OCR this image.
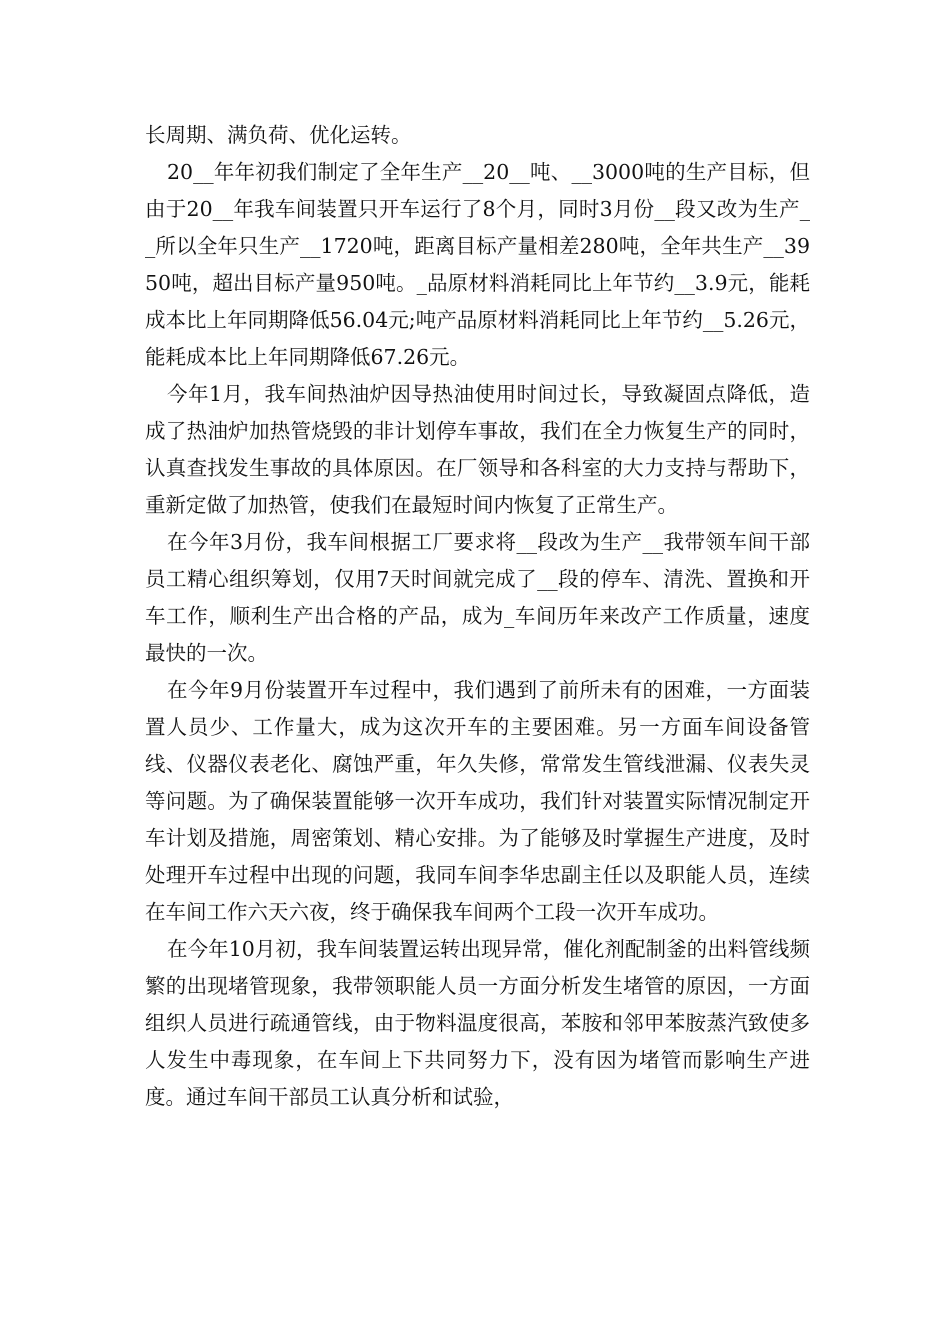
长周期、满负荷、优化运转。

20__年年初我们制定了全年生产__20__吨、__3000吨的生产目标，但由于20__年我车间装置只开车运行了8个月，同时3月份__段又改为生产__所以全年只生产__1720吨，距离目标产量相差280吨，全年共生产__3950吨，超出目标产量950吨。_品原材料消耗同比上年节约__3.9元，能耗成本比上年同期降低56.04元;吨产品原材料消耗同比上年节约__5.26元，能耗成本比上年同期降低67.26元。

今年1月，我车间热油炉因导热油使用时间过长，导致凝固点降低，造成了热油炉加热管烧毁的非计划停车事故，我们在全力恢复生产的同时，认真查找发生事故的具体原因。在厂领导和各科室的大力支持与帮助下，重新定做了加热管，使我们在最短时间内恢复了正常生产。

在今年3月份，我车间根据工厂要求将__段改为生产__我带领车间干部员工精心组织筹划，仅用7天时间就完成了__段的停车、清洗、置换和开车工作，顺利生产出合格的产品，成为_车间历年来改产工作质量，速度最快的一次。

在今年9月份装置开车过程中，我们遇到了前所未有的困难，一方面装置人员少、工作量大，成为这次开车的主要困难。另一方面车间设备管线、仪器仪表老化、腐蚀严重，年久失修，常常发生管线泄漏、仪表失灵等问题。为了确保装置能够一次开车成功，我们针对装置实际情况制定开车计划及措施，周密策划、精心安排。为了能够及时掌握生产进度，及时处理开车过程中出现的问题，我同车间李华忠副主任以及职能人员，连续在车间工作六天六夜，终于确保我车间两个工段一次开车成功。

在今年10月初，我车间装置运转出现异常，催化剂配制釜的出料管线频繁的出现堵管现象，我带领职能人员一方面分析发生堵管的原因，一方面组织人员进行疏通管线，由于物料温度很高，苯胺和邻甲苯胺蒸汽致使多人发生中毒现象，在车间上下共同努力下，没有因为堵管而影响生产进度。通过车间干部员工认真分析和试验，
